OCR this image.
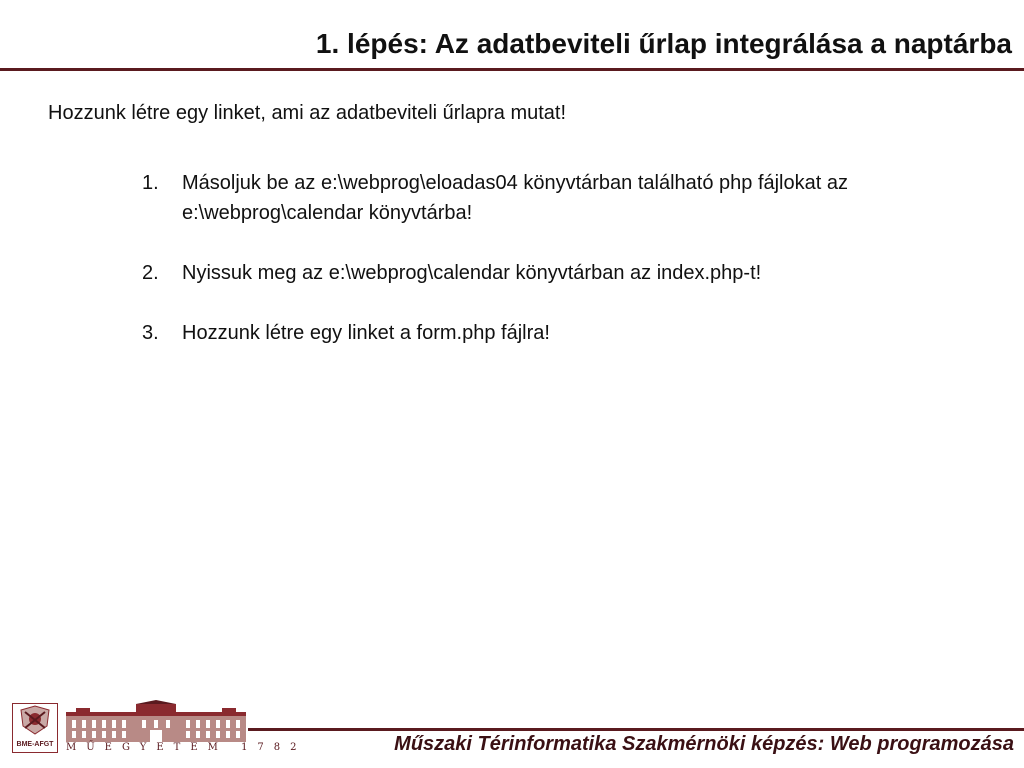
1. lépés: Az adatbeviteli űrlap integrálása a naptárba

Hozzunk létre egy linket, ami az adatbeviteli űrlapra mutat!

1. Másoljuk be az e:\webprog\eloadas04 könyvtárban található php fájlokat az e:\webprog\calendar könyvtárba!
2. Nyissuk meg az e:\webprog\calendar könyvtárban az index.php-t!
3. Hozzunk létre egy linket a form.php fájlra!
BME-AFGT	MŰEGYETEM 1782	Műszaki Térinformatika Szakmérnöki képzés: Web programozása
